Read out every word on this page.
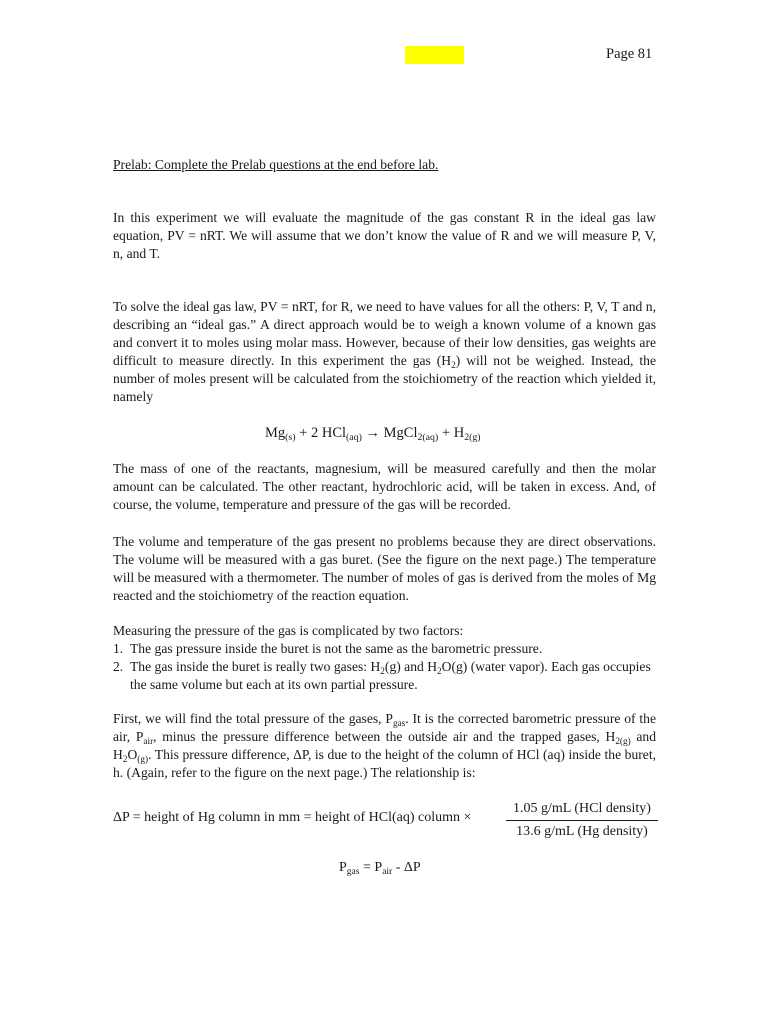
Page 81

Prelab: Complete the Prelab questions at the end before lab.

In this experiment we will evaluate the magnitude of the gas constant R in the ideal gas law equation, PV = nRT. We will assume that we don’t know the value of R and we will measure P, V, n, and T.

To solve the ideal gas law, PV = nRT, for R, we need to have values for all the others: P, V, T and n, describing an “ideal gas.” A direct approach would be to weigh a known volume of a known gas and convert it to moles using molar mass. However, because of their low densities, gas weights are difficult to measure directly. In this experiment the gas $(H_2)$ will not be weighed. Instead, the number of moles present will be calculated from the stoichiometry of the reaction which yielded it, namely

$Mg_{(s)} + 2$ HCl$_{(aq)}$ → MgCl$_{2(aq)}$ + $H_{2(g)}$

The mass of one of the reactants, magnesium, will be measured carefully and then the molar amount can be calculated. The other reactant, hydrochloric acid, will be taken in excess. And, of course, the volume, temperature and pressure of the gas will be recorded.

The volume and temperature of the gas present no problems because they are direct observations. The volume will be measured with a gas buret. (See the figure on the next page.) The temperature will be measured with a thermometer. The number of moles of gas is derived from the moles of Mg reacted and the stoichiometry of the reaction equation.

Measuring the pressure of the gas is complicated by two factors:

1. The gas pressure inside the buret is not the same as the barometric pressure.

2. The gas inside the buret is really two gases: $H_2(g)$ and $H_2O(g)$ (water vapor). Each gas occupies the same volume but each at its own partial pressure.

First, we will find the total pressure of the gases, $P_{gas}$. It is the corrected barometric pressure of the air, $P_{air}$, minus the pressure difference between the outside air and the trapped gases, $H_{2(g)}$ and $H_2O_{(g)}$. This pressure difference, ΔP, is due to the height of the column of HCl (aq) inside the buret, h. (Again, refer to the figure on the next page.) The relationship is:

ΔP = height of Hg column in mm = height of HCl(aq) column ×
1.05 g/mL (HCl density)
13.6 g/mL (Hg density)
$P_{gas} = P_{air} - \Delta P$
